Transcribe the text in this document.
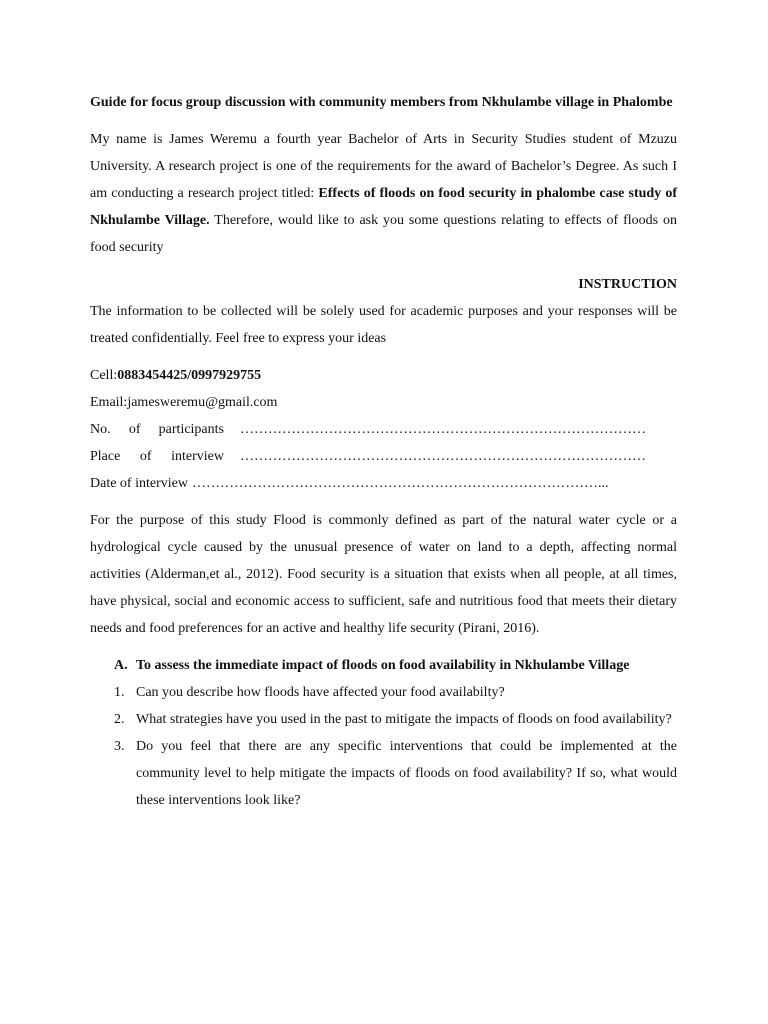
Guide for focus group discussion with community members from Nkhulambe village in Phalombe

My name is James Weremu a fourth year Bachelor of Arts in Security Studies student of Mzuzu University. A research project is one of the requirements for the award of Bachelor’s Degree. As such I am conducting a research project titled: Effects of floods on food security in phalombe case study of Nkhulambe Village. Therefore, would like to ask you some questions relating to effects of floods on food security

INSTRUCTION

The information to be collected will be solely used for academic purposes and your responses will be treated confidentially. Feel free to express your ideas

Cell:0883454425/0997929755

Email:jamesweremu@gmail.com

No. of participants ……………………………………………………………………………
Place of interview ……………………………………………………………………………
Date of interview ……………………………………………………………………………...

For the purpose of this study Flood is commonly defined as part of the natural water cycle or a hydrological cycle caused by the unusual presence of water on land to a depth, affecting normal activities (Alderman,et al., 2012). Food security is a situation that exists when all people, at all times, have physical, social and economic access to sufficient, safe and nutritious food that meets their dietary needs and food preferences for an active and healthy life security (Pirani, 2016).

A. To assess the immediate impact of floods on food availability in Nkhulambe Village
1. Can you describe how floods have affected your food availabilty?
2. What strategies have you used in the past to mitigate the impacts of floods on food availability?
3. Do you feel that there are any specific interventions that could be implemented at the community level to help mitigate the impacts of floods on food availability? If so, what would these interventions look like?
